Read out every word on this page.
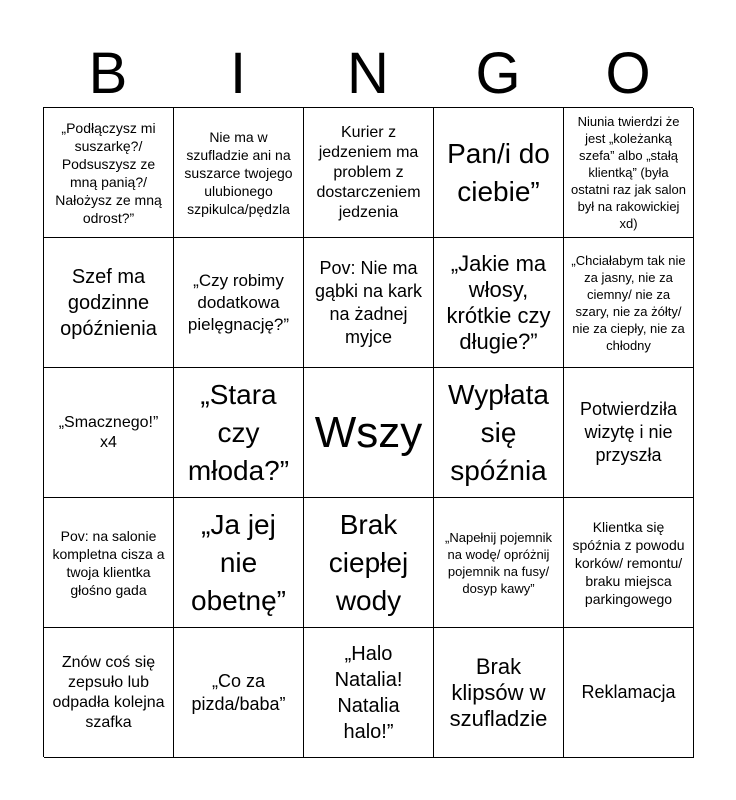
B	I	N	G	O
„Podłączysz mi suszarkę?/ Podsuszysz ze mną panią?/ Nałożysz ze mną odrost?”
Nie ma w szufladzie ani na suszarce twojego ulubionego szpikulca/pędzla
Kurier z jedzeniem ma problem z dostarczeniem jedzenia
Pan/i do ciebie”
Niunia twierdzi że jest „koleżanką szefa” albo „stałą klientką” (była ostatni raz jak salon był na rakowickiej xd)
Szef ma godzinne opóźnienia
„Czy robimy dodatkowa pielęgnację?”
Pov: Nie ma gąbki na kark na żadnej myjce
„Jakie ma włosy, krótkie czy długie?”
„Chciałabym tak nie za jasny, nie za ciemny/ nie za szary, nie za żółty/ nie za ciepły, nie za chłodny
„Smacznego!” x4
„Stara czy młoda?”
Wszy
Wypłata się spóźnia
Potwierdziła wizytę i nie przyszła
Pov: na salonie kompletna cisza a twoja klientka głośno gada
„Ja jej nie obetnę”
Brak ciepłej wody
„Napełnij pojemnik na wodę/ opróżnij pojemnik na fusy/ dosyp kawy”
Klientka się spóźnia z powodu korków/ remontu/ braku miejsca parkingowego
Znów coś się zepsuło lub odpadła kolejna szafka
„Co za pizda/baba”
„Halo Natalia! Natalia halo!”
Brak klipsów w szufladzie
Reklamacja
